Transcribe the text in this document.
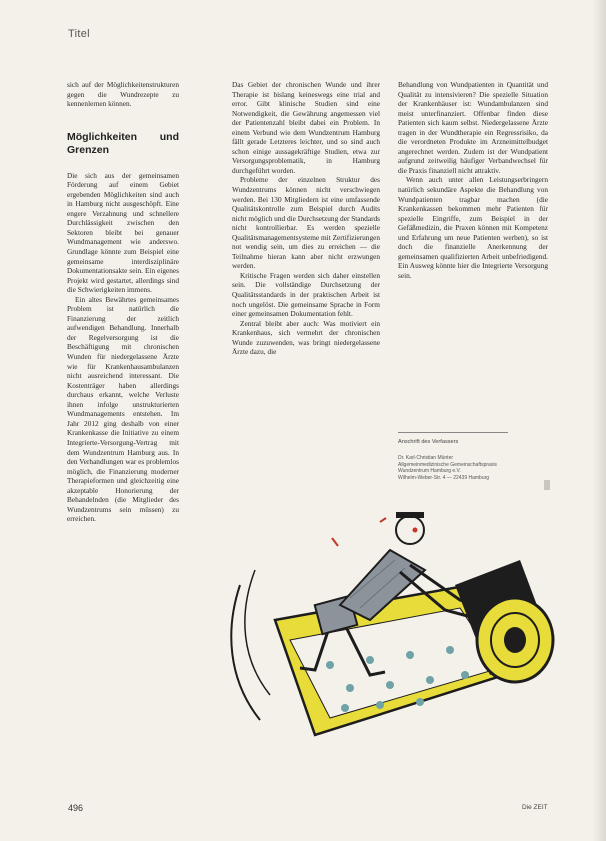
Titel

sich auf der Möglichkeitenstrukturen gegen die Wundrezepte zu kennenlernen können.

Möglichkeiten und Grenzen

Die sich aus der gemeinsamen Förderung auf einem Gebiet ergebenden Möglichkeiten sind auch in Hamburg nicht ausgeschöpft. Eine engere Verzahnung und schnellere Durchlässigkeit zwischen den Sektoren bleibt bei genauer Wundmanagement wie anderswo. Grundlage könnte zum Beispiel eine gemeinsame interdisziplinäre Dokumentationsakte sein. Ein eigenes Projekt wird gestartet, allerdings sind die Schwierigkeiten immens.

Ein altes Bewährtes gemeinsames Problem ist natürlich die Finanzierung der zeitlich aufwendigen Behandlung. Innerhalb der Regelversorgung ist die Beschäftigung mit chronischen Wunden für niedergelassene Ärzte wie für Krankenhausambulanzen nicht ausreichend interessant. Die Kostenträger haben allerdings durchaus erkannt, welche Verluste ihnen infolge unstrukturierten Wundmanagements entstehen. Im Jahr 2012 ging deshalb von einer Krankenkasse die Initiative zu einem Integrierte-Versorgung-Vertrag mit dem Wundzentrum Hamburg aus. In den Verhandlungen war es problemlos möglich, die Finanzierung moderner Therapieformen und gleichzeitig eine akzeptable Honorierung der Behandelnden (die Mitglieder des Wundzentrums sein müssen) zu erreichen.

Das Gebiet der chronischen Wunde und ihrer Therapie ist bislang keineswegs eine trial and error. Gibt klinische Studien sind eine Notwendigkeit, die Gewährung angemessen viel der Patientenzahl bleibt dabei ein Problem. In einem Verbund wie dem Wundzentrum Hamburg fällt gerade Letzteres leichter, und so sind auch schon einige aussagekräftige Studien, etwa zur Versorgungsproblematik, in Hamburg durchgeführt worden.

Probleme der einzelnen Struktur des Wundzentrums können nicht verschwiegen werden. Bei 130 Mitgliedern ist eine umfassende Qualitätskontrolle zum Beispiel durch Audits nicht möglich und die Durchsetzung der Standards nicht kontrollierbar. Es werden spezielle Qualitätsmanagementsysteme mit Zertifizierungen not wendig sein, um dies zu erreichen — die Teilnahme hieran kann aber nicht erzwungen werden.

Kritische Fragen werden sich daher einstellen sein. Die vollständige Durchsetzung der Qualitätsstandards in der praktischen Arbeit ist noch ungelöst. Die gemeinsame Sprache in Form einer gemeinsamen Dokumentation fehlt.

Zentral bleibt aber auch: Was motiviert ein Krankenhaus, sich vermehrt der chronischen Wunde zuzuwenden, was bringt niedergelassene Ärzte dazu, die

Behandlung von Wundpatienten in Quantität und Qualität zu intensivieren? Die spezielle Situation der Krankenhäuser ist: Wundambulanzen sind meist unterfinanziert. Offenbar finden diese Patienten sich kaum selbst. Niedergelassene Ärzte tragen in der Wundtherapie ein Regressrisiko, da die verordneten Produkte im Arzneimittelbudget angerechnet werden. Zudem ist der Wundpatient aufgrund zeitweilig häufiger Verbandwechsel für die Praxis finanziell nicht attraktiv.

Wenn auch unter allen Leistungserbringern natürlich sekundäre Aspekte die Behandlung von Wundpatienten tragbar machen (die Krankenkassen bekommen mehr Patienten für spezielle Eingriffe, zum Beispiel in der Gefäßmedizin, die Praxen können mit Kompetenz und Erfahrung um neue Patienten werben), so ist doch die finanzielle Anerkennung der gemeinsamen qualifizierten Arbeit unbefriedigend. Ein Ausweg könnte hier die Integrierte Versorgung sein.

Anschrift des Verfassers
Dr. Karl-Christian Münter
Allgemeinmedizinische Gemeinschaftspraxis
Wundzentrum Hamburg e.V.
Wilhelm-Weber-Str. 4 — 22439 Hamburg
496	Die ZEIT
